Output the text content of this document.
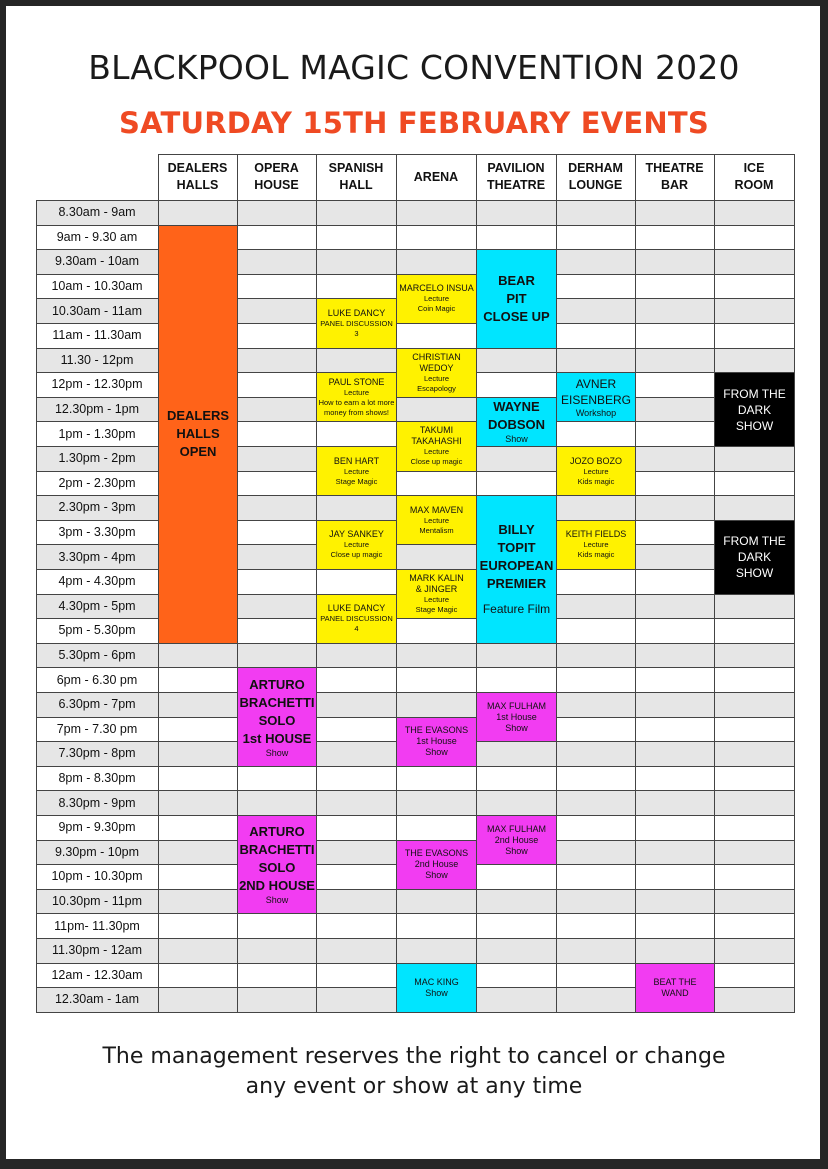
BLACKPOOL MAGIC CONVENTION 2020
SATURDAY 15TH FEBRUARY EVENTS
DEALERS
HALLS
OPERA
HOUSE
SPANISH
HALL
ARENA
PAVILION
THEATRE
DERHAM
LOUNGE
THEATRE
BAR
ICE
ROOM
8.30am - 9am
9am - 9.30 am
9.30am - 10am
10am - 10.30am
10.30am - 11am
11am - 11.30am
11.30 - 12pm
12pm - 12.30pm
12.30pm - 1pm
1pm - 1.30pm
1.30pm - 2pm
2pm - 2.30pm
2.30pm - 3pm
3pm - 3.30pm
3.30pm - 4pm
4pm - 4.30pm
4.30pm - 5pm
5pm - 5.30pm
5.30pm - 6pm
6pm - 6.30 pm
6.30pm - 7pm
7pm - 7.30 pm
7.30pm - 8pm
8pm - 8.30pm
8.30pm - 9pm
9pm - 9.30pm
9.30pm - 10pm
10pm - 10.30pm
10.30pm - 11pm
11pm- 11.30pm
11.30pm - 12am
12am - 12.30am
12.30am - 1am
DEALERS
HALLS
OPEN
LUKE DANCY
PANEL DISCUSSION
3
PAUL STONE
Lecture
How to earn a lot more
money from shows!
BEN HART
Lecture
Stage Magic
JAY SANKEY
Lecture
Close up magic
LUKE DANCY
PANEL DISCUSSION
4
MARCELO INSUA
Lecture
Coin Magic
CHRISTIAN
WEDOY
Lecture
Escapology
TAKUMI
TAKAHASHI
Lecture
Close up magic
MAX MAVEN
Lecture
Mentalism
MARK KALIN
& JINGER
Lecture
Stage Magic
BEAR
PIT
CLOSE UP
WAYNE
DOBSON
Show
BILLY
TOPIT
EUROPEAN
PREMIER
Feature Film
AVNER
EISENBERG
Workshop
JOZO BOZO
Lecture
Kids magic
KEITH FIELDS
Lecture
Kids magic
FROM THE
DARK
SHOW
FROM THE
DARK
SHOW
ARTURO
BRACHETTI
SOLO
1st HOUSE
Show
ARTURO
BRACHETTI
SOLO
2ND HOUSE
Show
THE EVASONS
1st House
Show
THE EVASONS
2nd House
Show
MAX FULHAM
1st House
Show
MAX FULHAM
2nd House
Show
MAC KING
Show
BEAT THE
WAND
The management reserves the right to cancel or change
any event or show at any time
